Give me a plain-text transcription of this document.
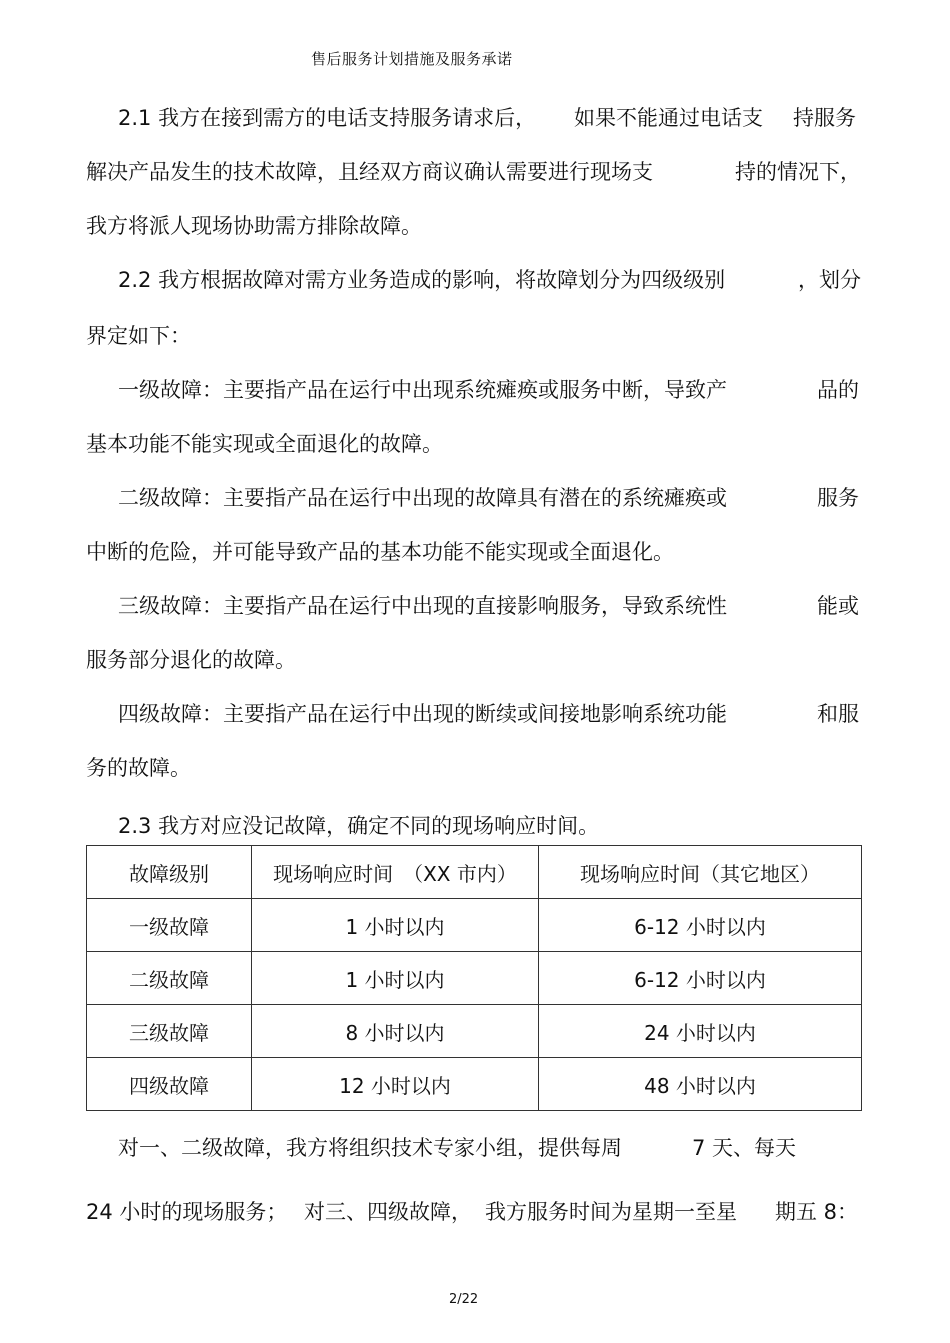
售后服务计划措施及服务承诺
2.1 我方在接到需方的电话支持服务请求后， 如果不能通过电话支 持服务
解决产品发生的技术故障，且经双方商议确认需要进行现场支	持的情况下，
我方将派人现场协助需方排除故障。
2.2 我方根据故障对需方业务造成的影响，将故障划分为四级级别	，划分
界定如下：
一级故障：主要指产品在运行中出现系统瘫痪或服务中断，导致产	品的
基本功能不能实现或全面退化的故障。
二级故障：主要指产品在运行中出现的故障具有潜在的系统瘫痪或	服务
中断的危险，并可能导致产品的基本功能不能实现或全面退化。
三级故障：主要指产品在运行中出现的直接影响服务，导致系统性	能或
服务部分退化的故障。
四级故障：主要指产品在运行中出现的断续或间接地影响系统功能	和服
务的故障。
2.3 我方对应没记故障，确定不同的现场响应时间。
故障级别	现场响应时间　（XX 市内）	现场响应时间（其它地区）
一级故障	1 小时以内	6-12 小时以内
二级故障	1 小时以内	6-12 小时以内
三级故障	8 小时以内	24 小时以内
四级故障	12 小时以内	48 小时以内
对一、二级故障，我方将组织技术专家小组，提供每周	7 天、每天
24 小时的现场服务； 对三、四级故障， 我方服务时间为星期一至星 期五 8：
2/22
